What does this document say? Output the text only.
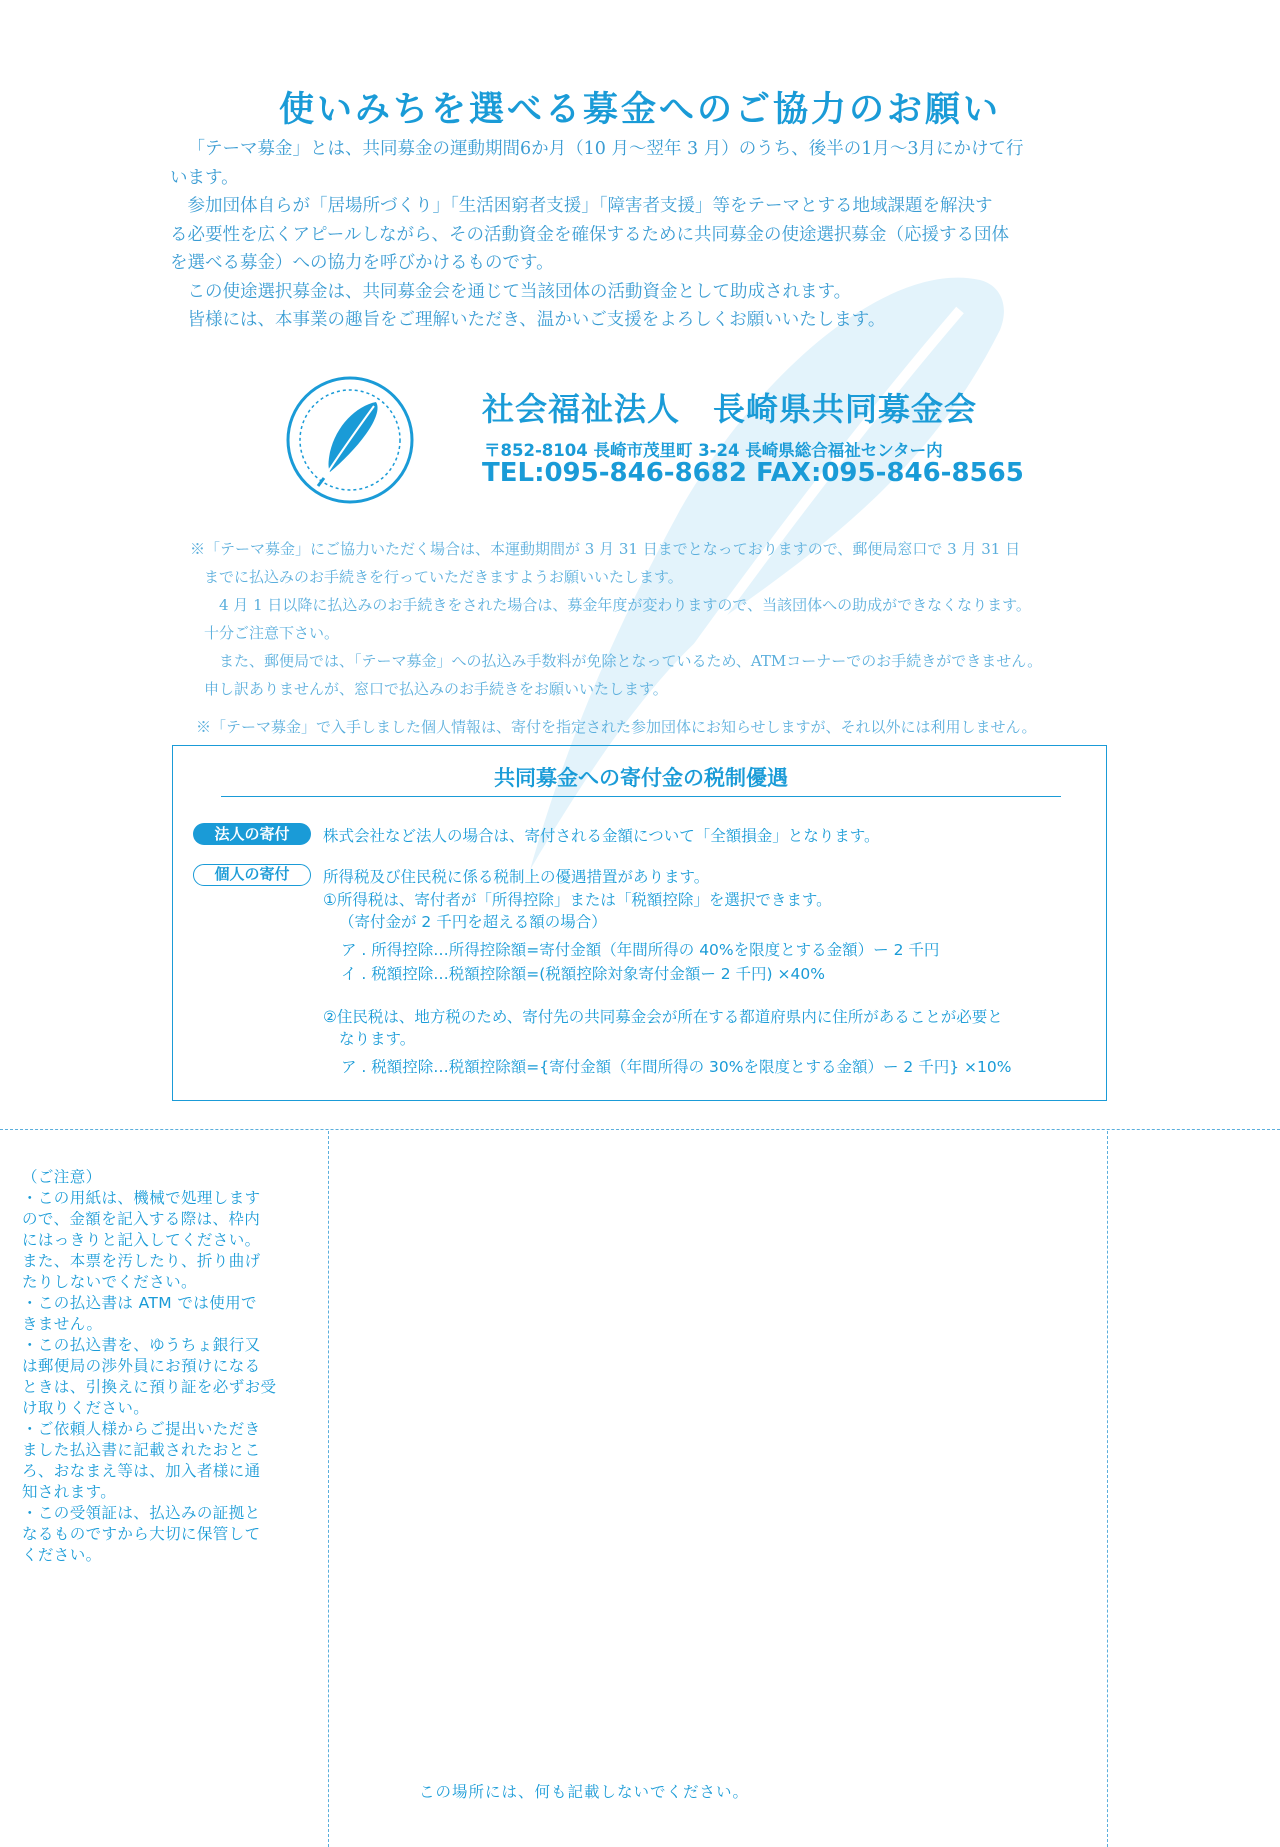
使いみちを選べる募金へのご協力のお願い

「テーマ募金」とは、共同募金の運動期間6か月（10 月～翌年 3 月）のうち、後半の1月～3月にかけて行

います。

参加団体自らが「居場所づくり」「生活困窮者支援」「障害者支援」等をテーマとする地域課題を解決す

る必要性を広くアピールしながら、その活動資金を確保するために共同募金の使途選択募金（応援する団体

を選べる募金）への協力を呼びかけるものです。

この使途選択募金は、共同募金会を通じて当該団体の活動資金として助成されます。

皆様には、本事業の趣旨をご理解いただき、温かいご支援をよろしくお願いいたします。

社会福祉法人　長崎県共同募金会
〒852-8104 長崎市茂里町 3-24 長崎県総合福祉センター内
TEL:095-846-8682 FAX:095-846-8565

※「テーマ募金」にご協力いただく場合は、本運動期間が 3 月 31 日までとなっておりますので、郵便局窓口で 3 月 31 日

までに払込みのお手続きを行っていただきますようお願いいたします。

4 月 1 日以降に払込みのお手続きをされた場合は、募金年度が変わりますので、当該団体への助成ができなくなります。

十分ご注意下さい。

また、郵便局では、「テーマ募金」への払込み手数料が免除となっているため、ATMコーナーでのお手続きができません。

申し訳ありませんが、窓口で払込みのお手続きをお願いいたします。

※「テーマ募金」で入手しました個人情報は、寄付を指定された参加団体にお知らせしますが、それ以外には利用しません。
共同募金への寄付金の税制優遇
法人の寄付	株式会社など法人の場合は、寄付される金額について「全額損金」となります。
個人の寄付	所得税及び住民税に係る税制上の優遇措置があります。
①所得税は、寄付者が「所得控除」または「税額控除」を選択できます。
（寄付金が 2 千円を超える額の場合）
ア . 所得控除…所得控除額=寄付金額（年間所得の 40%を限度とする金額）ー 2 千円
イ . 税額控除…税額控除額=(税額控除対象寄付金額ー 2 千円) ×40%
②住民税は、地方税のため、寄付先の共同募金会が所在する都道府県内に住所があることが必要と
なります。
ア . 税額控除…税額控除額={寄付金額（年間所得の 30%を限度とする金額）ー 2 千円} ×10%

（ご注意）

・この用紙は、機械で処理します

ので、金額を記入する際は、枠内

にはっきりと記入してください。

また、本票を汚したり、折り曲げ

たりしないでください。

・この払込書は ATM では使用で

きません。

・この払込書を、ゆうちょ銀行又

は郵便局の渉外員にお預けになる

ときは、引換えに預り証を必ずお受

け取りください。

・ご依頼人様からご提出いただき

ました払込書に記載されたおとこ

ろ、おなまえ等は、加入者様に通

知されます。

・この受領証は、払込みの証拠と

なるものですから大切に保管して

ください。

この場所には、何も記載しないでください。
